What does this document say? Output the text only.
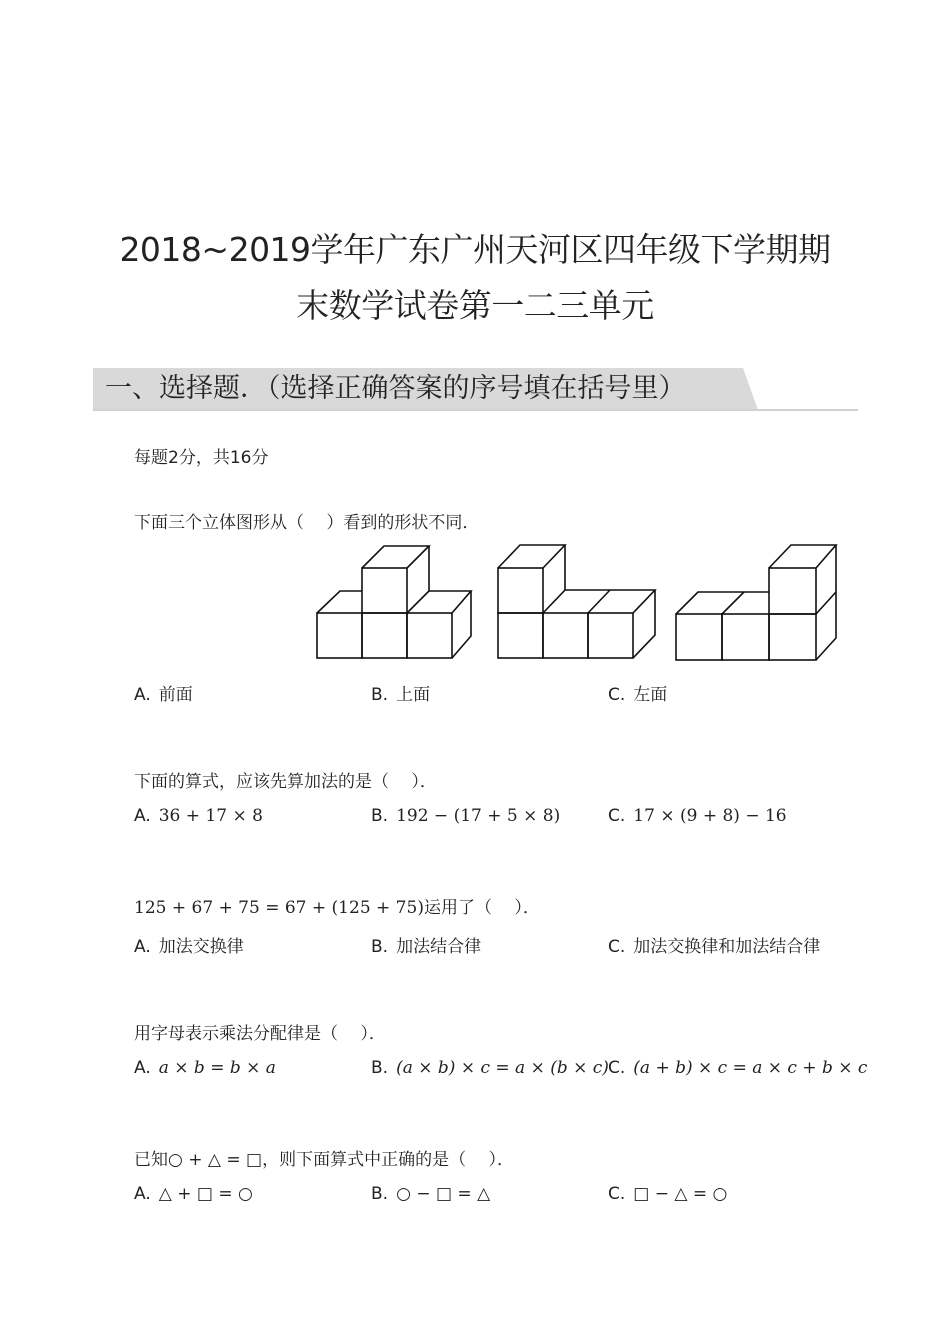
2018~2019学年广东广州天河区四年级下学期期
末数学试卷第一二三单元
一、选择题．（选择正确答案的序号填在括号里）
每题2分，共16分
下面三个立体图形从（　 ）看到的形状不同．
A. 前面	B. 上面	C. 左面
下面的算式，应该先算加法的是（　 ）．
A. 36 + 17 × 8	B. 192 − (17 + 5 × 8)	C. 17 × (9 + 8) − 16
125 + 67 + 75 = 67 + (125 + 75)运用了（　 ）．
A. 加法交换律	B. 加法结合律	C. 加法交换律和加法结合律
用字母表示乘法分配律是（　 ）．
A. a × b = b × a	B. (a × b) × c = a × (b × c) C. (a + b) × c = a × c + b × c
已知○ + △ = □，则下面算式中正确的是（　 ）．
A. △ + □ = ○	B. ○ − □ = △	C. □ − △ = ○
